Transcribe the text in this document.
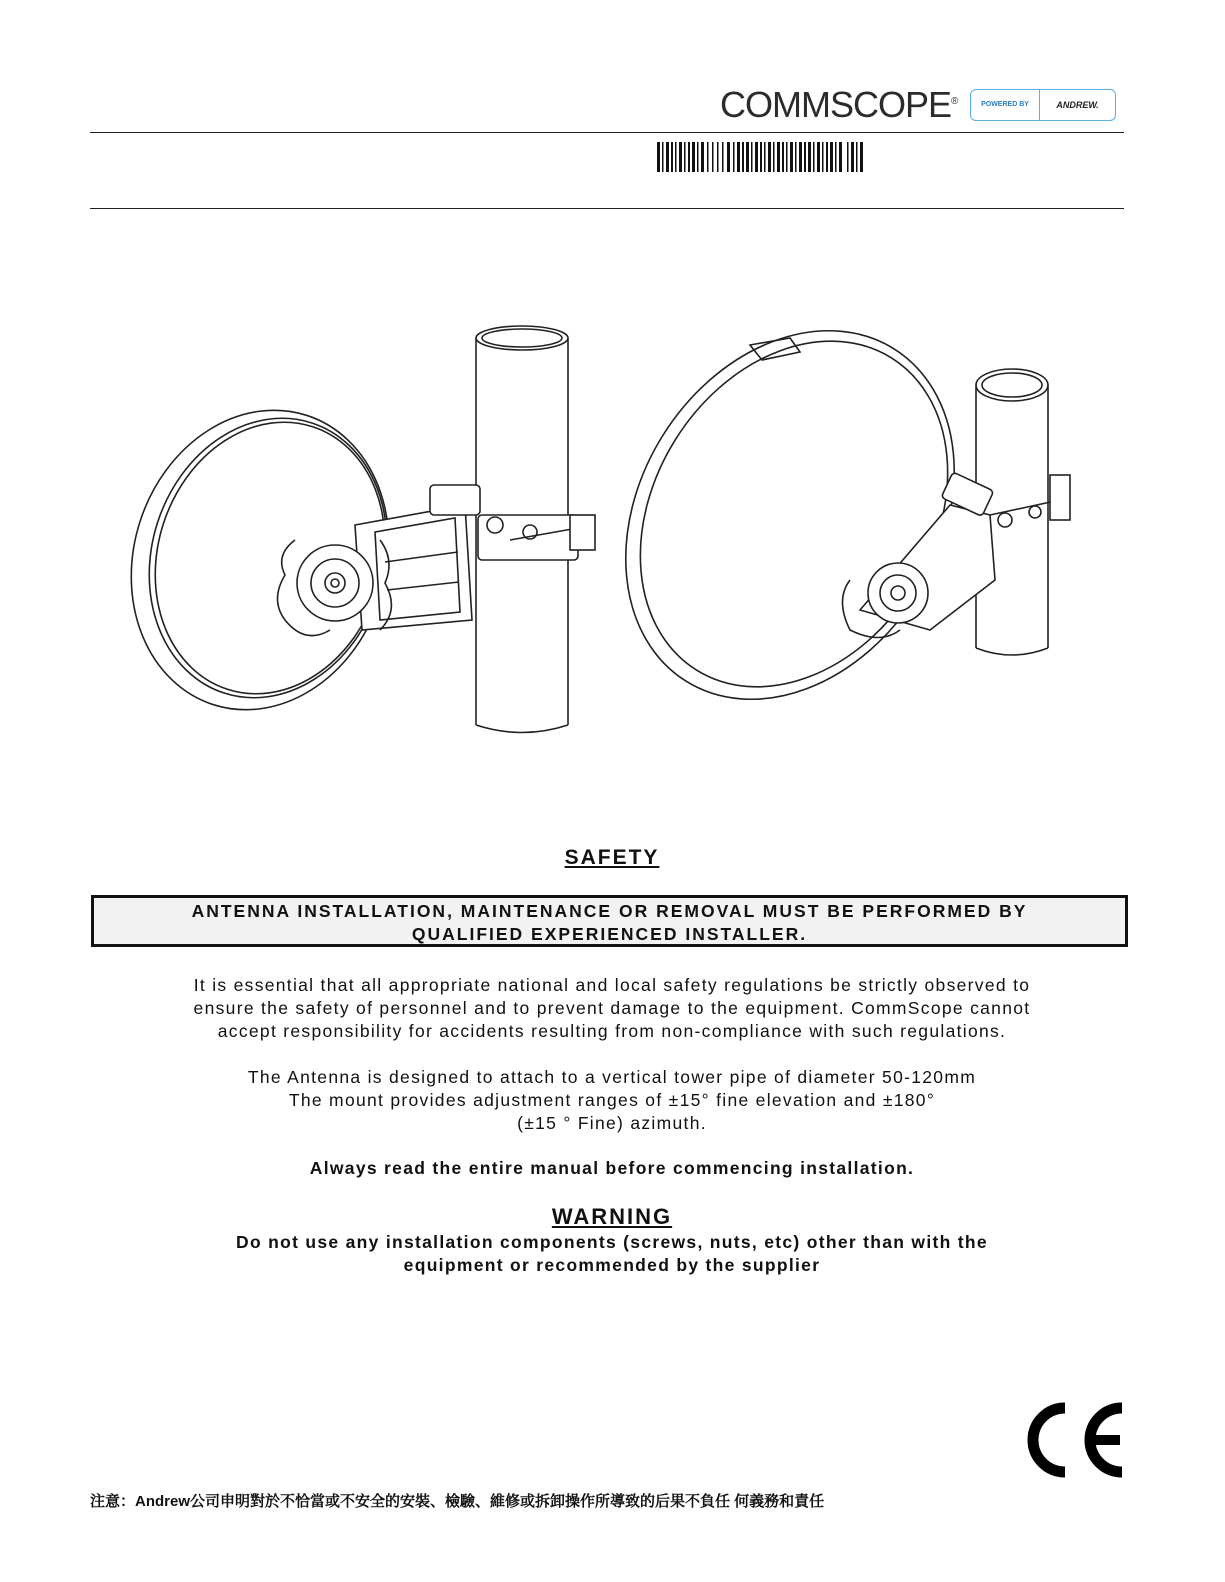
COMMSCOPE®	POWERED BY	ANDREW.
SAFETY
ANTENNA INSTALLATION, MAINTENANCE OR REMOVAL MUST BE PERFORMED BY
QUALIFIED EXPERIENCED INSTALLER.
It is essential that all appropriate national and local safety regulations be strictly observed to
ensure the safety of personnel and to prevent damage to the equipment. CommScope cannot
accept responsibility for accidents resulting from non-compliance with such regulations.
The Antenna is designed to attach to a vertical tower pipe of diameter 50-120mm
The mount provides adjustment ranges of ±15° fine elevation and ±180°
(±15 ° Fine) azimuth.
Always read the entire manual before commencing installation.
WARNING
Do not use any installation components (screws, nuts, etc) other than with the
equipment or recommended by the supplier
注意：Andrew公司申明對於不恰當或不安全的安裝、檢驗、維修或拆卸操作所導致的后果不負任 何義務和責任
